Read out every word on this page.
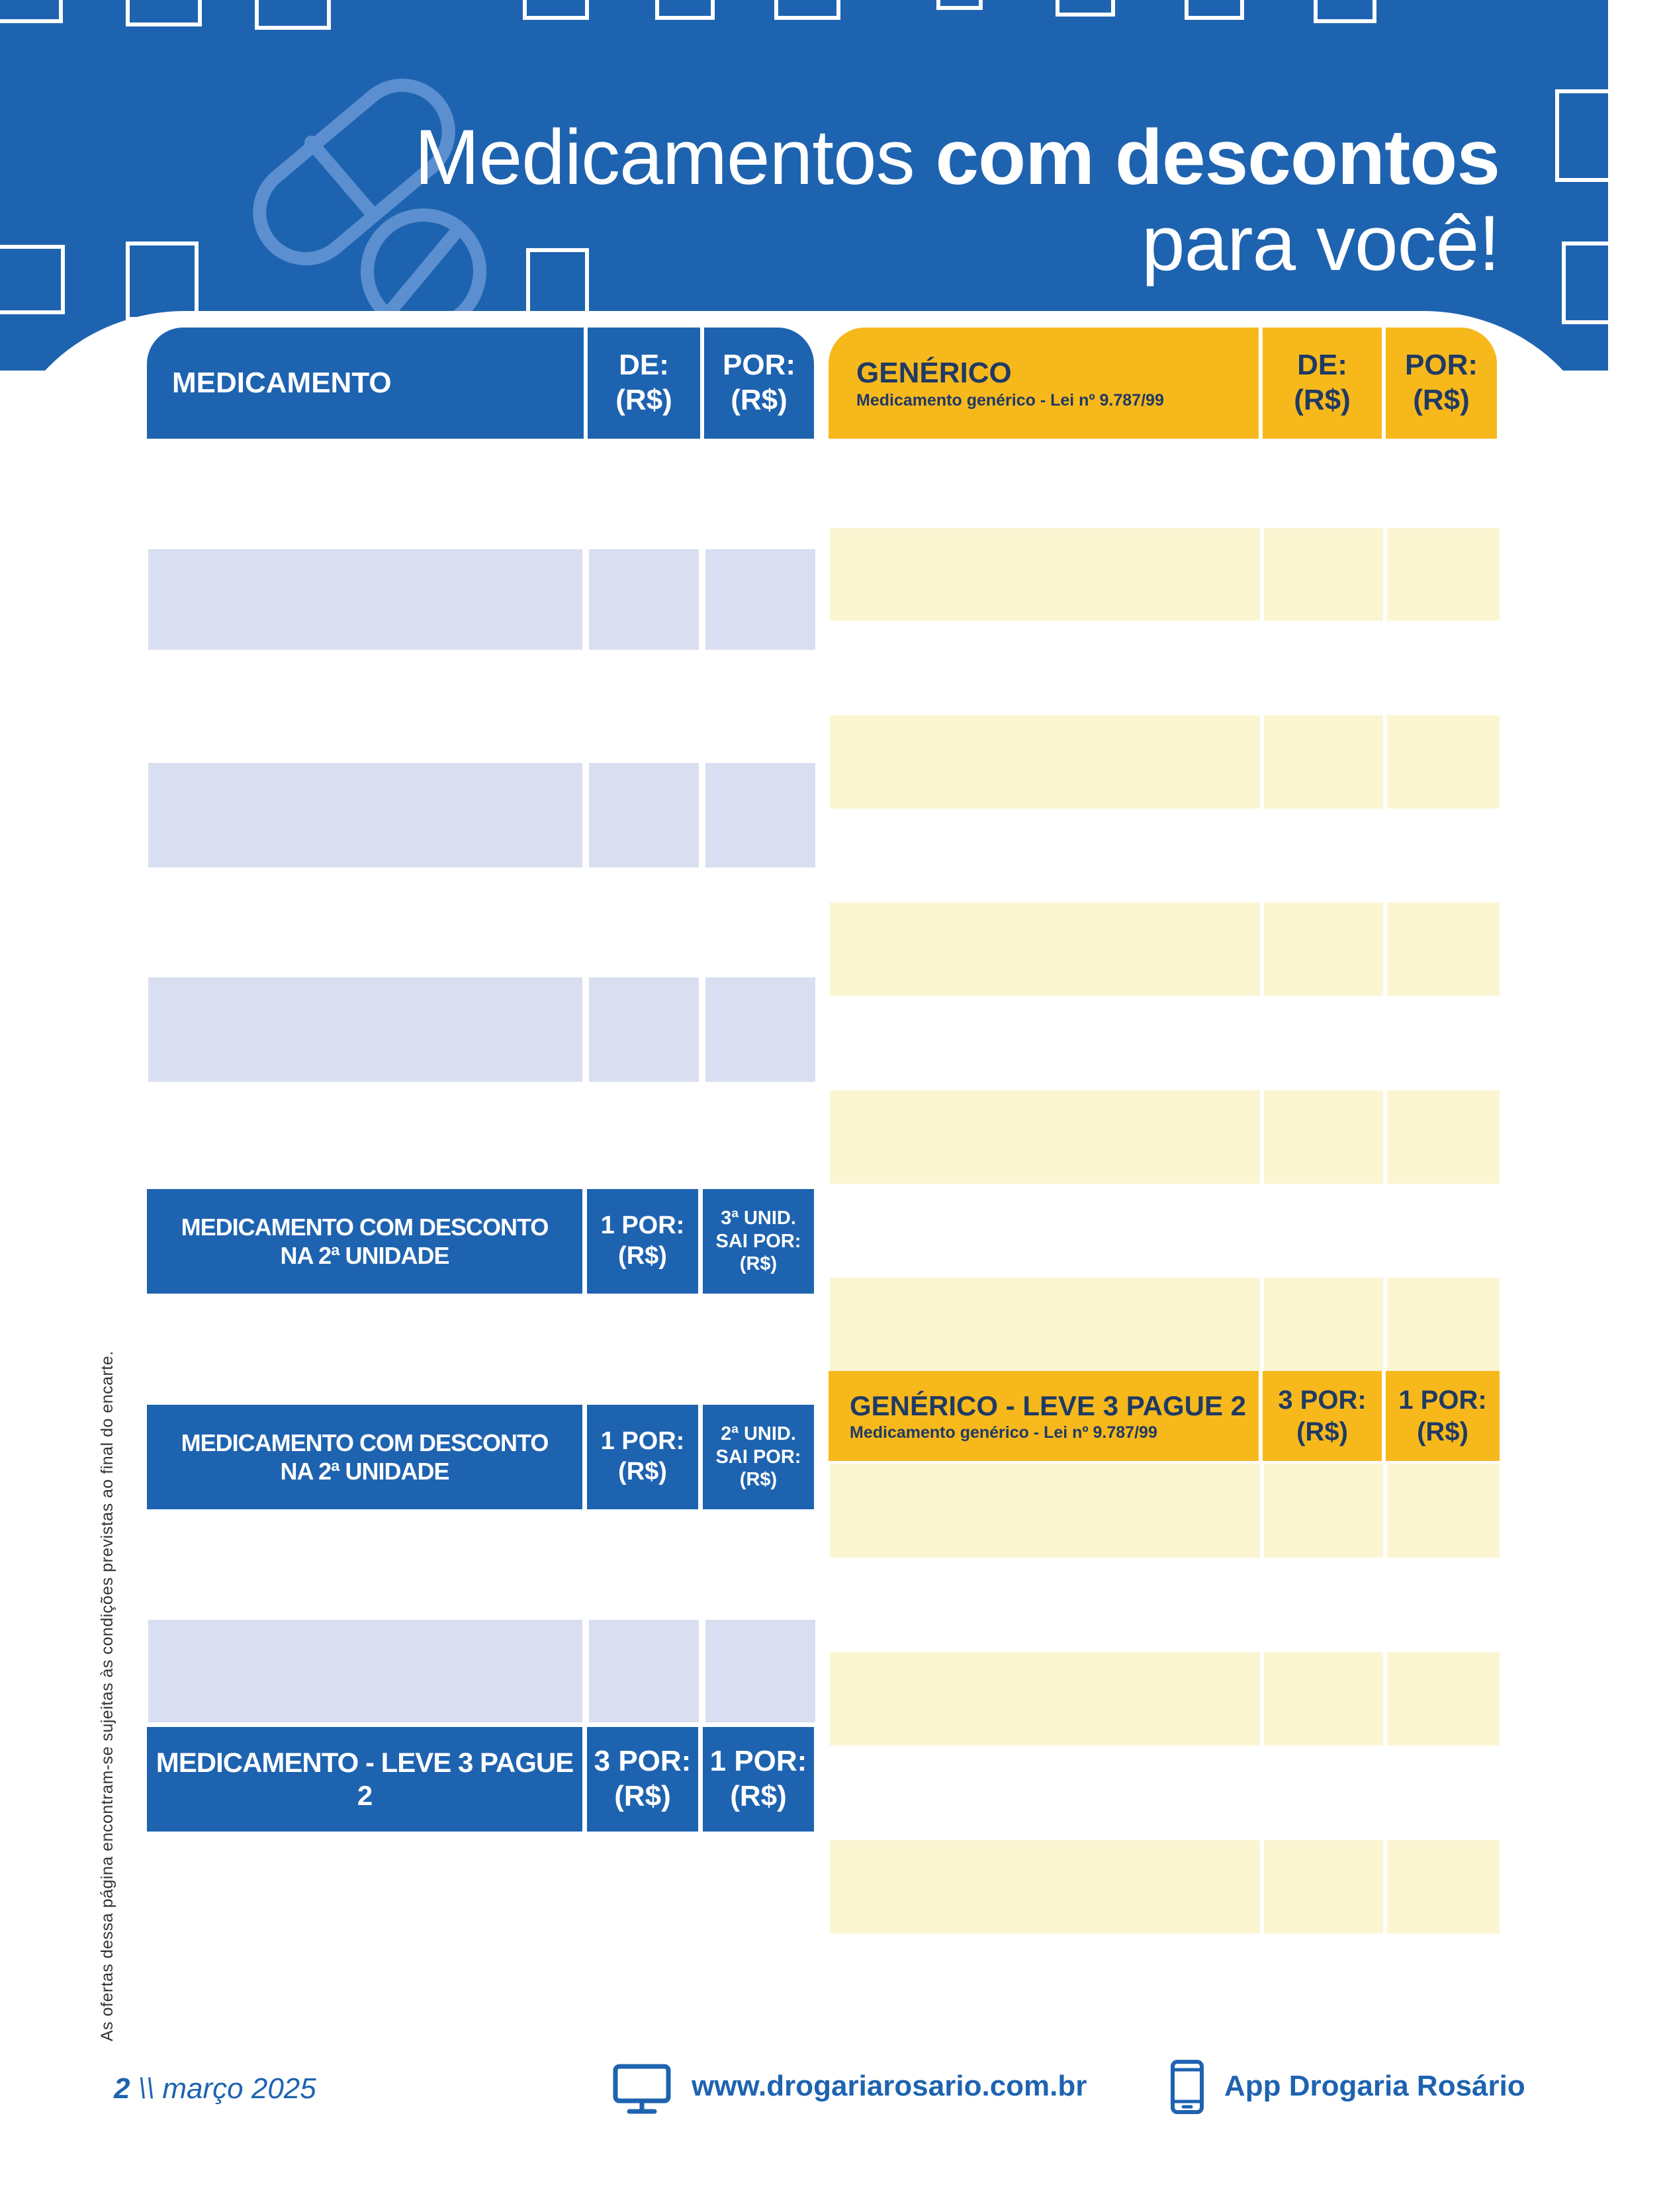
Medicamentos com descontos
para você!
MEDICAMENTO
DE:
(R$)
POR:
(R$)
MEDICAMENTO COM DESCONTO NA 2ª UNIDADE
1 POR:
(R$)
3ª UNID.
SAI POR:
(R$)
MEDICAMENTO COM DESCONTO NA 2ª UNIDADE
1 POR:
(R$)
2ª UNID.
SAI POR:
(R$)
MEDICAMENTO - LEVE 3 PAGUE 2
3 POR:
(R$)
1 POR:
(R$)
GENÉRICO
Medicamento genérico - Lei nº 9.787/99
DE:
(R$)
POR:
(R$)
GENÉRICO - LEVE 3 PAGUE 2
Medicamento genérico - Lei nº 9.787/99
3 POR:
(R$)
1 POR:
(R$)
As ofertas dessa página encontram-se sujeitas às condições previstas ao final do encarte.
2 \\ março 2025	www.drogariarosario.com.br	App Drogaria Rosário
